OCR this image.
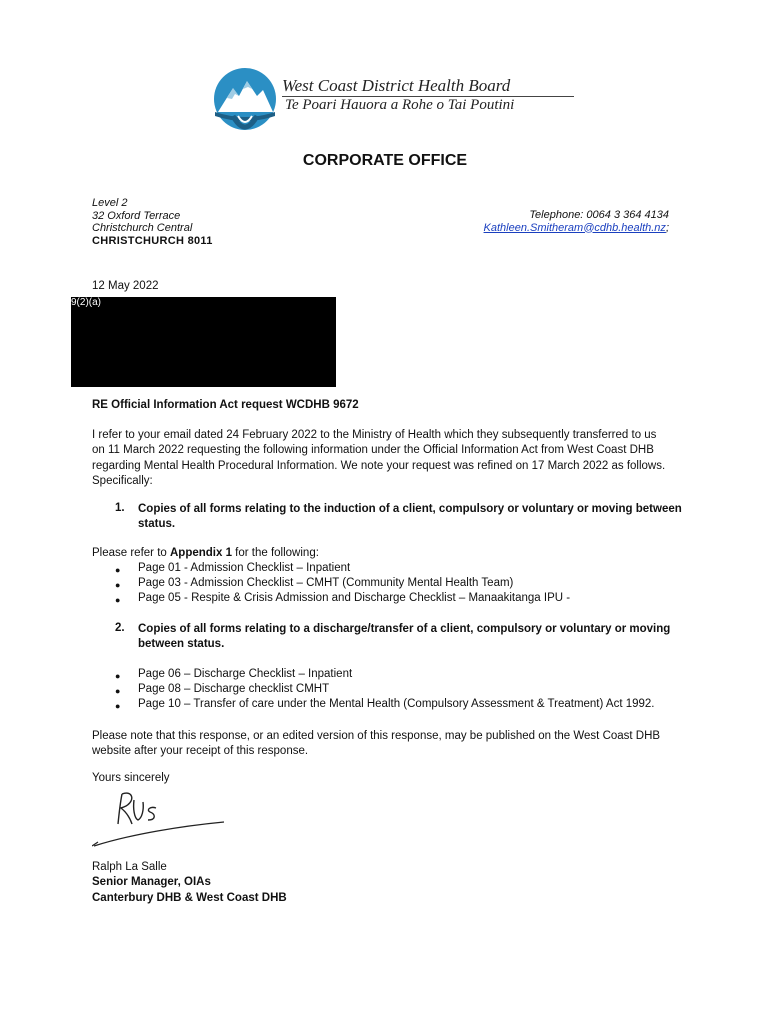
West Coast District Health Board
Te Poari Hauora a Rohe o Tai Poutini
CORPORATE OFFICE
Level 2
32 Oxford Terrace
Christchurch Central
CHRISTCHURCH 8011
Telephone: 0064 3 364 4134
Kathleen.Smitheram@cdhb.health.nz;
12 May 2022
9(2)(a)
RE Official Information Act request WCDHB 9672
I refer to your email dated 24 February 2022 to the Ministry of Health which they subsequently transferred to us
on 11 March 2022 requesting the following information under the Official Information Act from West Coast DHB
regarding Mental Health Procedural Information. We note your request was refined on 17 March 2022 as follows.
Specifically:
1. Copies of all forms relating to the induction of a client, compulsory or voluntary or moving between
status.
Please refer to Appendix 1 for the following:
● Page 01 - Admission Checklist – Inpatient
● Page 03 - Admission Checklist – CMHT (Community Mental Health Team)
● Page 05 - Respite & Crisis Admission and Discharge Checklist – Manaakitanga IPU -
2. Copies of all forms relating to a discharge/transfer of a client, compulsory or voluntary or moving
between status.
● Page 06 – Discharge Checklist – Inpatient
● Page 08 – Discharge checklist CMHT
● Page 10 – Transfer of care under the Mental Health (Compulsory Assessment & Treatment) Act 1992.
Please note that this response, or an edited version of this response, may be published on the West Coast DHB
website after your receipt of this response.
Yours sincerely
Ralph La Salle
Senior Manager, OIAs
Canterbury DHB & West Coast DHB
